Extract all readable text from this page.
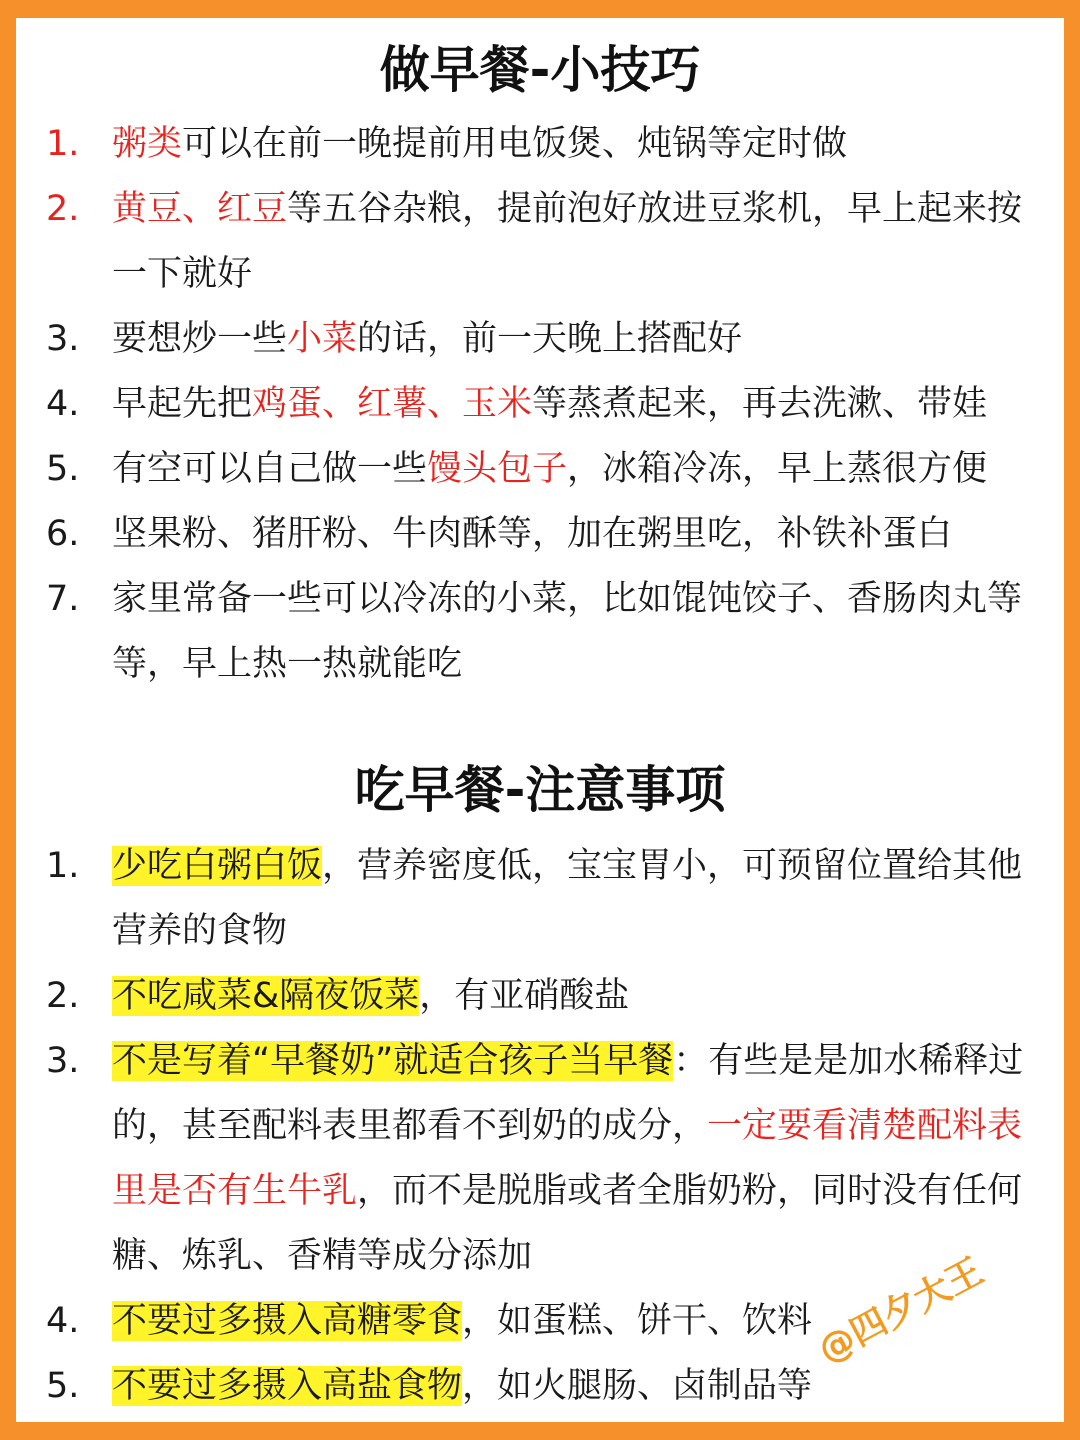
做早餐-小技巧
1. 粥类可以在前一晚提前用电饭煲、炖锅等定时做
2. 黄豆、红豆等五谷杂粮，提前泡好放进豆浆机，早上起来按一下就好
3. 要想炒一些小菜的话，前一天晚上搭配好
4. 早起先把鸡蛋、红薯、玉米等蒸煮起来，再去洗漱、带娃
5. 有空可以自己做一些馒头包子，冰箱冷冻，早上蒸很方便
6. 坚果粉、猪肝粉、牛肉酥等，加在粥里吃，补铁补蛋白
7. 家里常备一些可以冷冻的小菜，比如馄饨饺子、香肠肉丸等等，早上热一热就能吃
吃早餐-注意事项
1. 少吃白粥白饭，营养密度低，宝宝胃小，可预留位置给其他营养的食物
2. 不吃咸菜&隔夜饭菜，有亚硝酸盐
3. 不是写着“早餐奶”就适合孩子当早餐：有些是是加水稀释过的，甚至配料表里都看不到奶的成分，一定要看清楚配料表里是否有生牛乳，而不是脱脂或者全脂奶粉，同时没有任何糖、炼乳、香精等成分添加
4. 不要过多摄入高糖零食，如蛋糕、饼干、饮料
5. 不要过多摄入高盐食物，如火腿肠、卤制品等
@四夕大王
